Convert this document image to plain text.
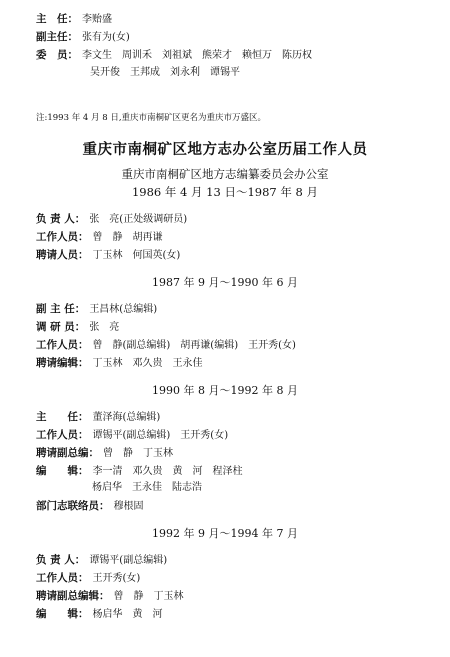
主　任： 李贻盛
副主任： 张有为(女)
委　员： 李文生　周训禾　刘祖斌　熊荣才　赖恒万　陈历权
吴开俊　王邦成　刘永利　谭锡平
注:1993 年 4 月 8 日,重庆市南桐矿区更名为重庆市万盛区。
重庆市南桐矿区地方志办公室历届工作人员
重庆市南桐矿区地方志编纂委员会办公室
1986 年 4 月 13 日～1987 年 8 月
负 责 人： 张　亮(正处级调研员)
工作人员： 曾　静　胡再谦
聘请人员： 丁玉林　何国英(女)
1987 年 9 月～1990 年 6 月
副 主 任： 王昌林(总编辑)
调 研 员： 张　亮
工作人员： 曾　静(副总编辑)　胡再谦(编辑)　王开秀(女)
聘请编辑： 丁玉林　邓久贵　王永佳
1990 年 8 月～1992 年 8 月
主　　任： 董泽海(总编辑)
工作人员： 谭锡平(副总编辑)　王开秀(女)
聘请副总编： 曾　静　丁玉林
编　　辑： 李一清　邓久贵　黄　河　程泽柱
杨启华　王永佳　陆志浩
部门志联络员： 穆根固
1992 年 9 月～1994 年 7 月
负 责 人： 谭锡平(副总编辑)
工作人员： 王开秀(女)
聘请副总编辑： 曾　静　丁玉林
编　　辑： 杨启华　黄　河
